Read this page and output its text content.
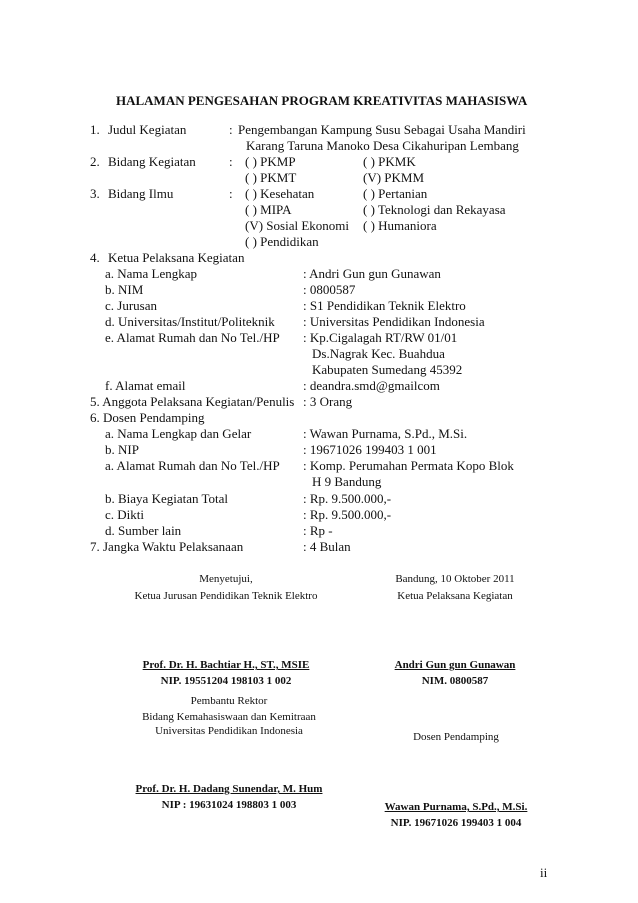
HALAMAN PENGESAHAN PROGRAM KREATIVITAS MAHASISWA
1. Judul Kegiatan	: Pengembangan Kampung Susu Sebagai Usaha Mandiri
Karang Taruna Manoko Desa Cikahuripan Lembang
2. Bidang Kegiatan	: ( ) PKMP	( ) PKMK
( ) PKMT	(V) PKMM
3. Bidang Ilmu	: ( ) Kesehatan	( ) Pertanian
( ) MIPA	( ) Teknologi dan Rekayasa
(V) Sosial Ekonomi ( ) Humaniora
( ) Pendidikan
4. Ketua Pelaksana Kegiatan
a. Nama Lengkap	: Andri Gun gun Gunawan
b. NIM	: 0800587
c. Jurusan	: S1 Pendidikan Teknik Elektro
d. Universitas/Institut/Politeknik : Universitas Pendidikan Indonesia
e. Alamat Rumah dan No Tel./HP : Kp.Cigalagah RT/RW 01/01
Ds.Nagrak Kec. Buahdua
Kabupaten Sumedang 45392
f. Alamat email	: deandra.smd@gmailcom
5. Anggota Pelaksana Kegiatan/Penulis : 3 Orang
6. Dosen Pendamping
a. Nama Lengkap dan Gelar	: Wawan Purnama, S.Pd., M.Si.
b. NIP	: 19671026 199403 1 001
a. Alamat Rumah dan No Tel./HP : Komp. Perumahan Permata Kopo Blok
H 9 Bandung
b. Biaya Kegiatan Total	: Rp. 9.500.000,-
c. Dikti	: Rp. 9.500.000,-
d. Sumber lain	: Rp -
7. Jangka Waktu Pelaksanaan	: 4 Bulan
Menyetujui,
Ketua Jurusan Pendidikan Teknik Elektro
Prof. Dr. H. Bachtiar H., ST., MSIE
NIP. 19551204 198103 1 002
Bandung, 10 Oktober 2011
Ketua Pelaksana Kegiatan
Andri Gun gun Gunawan
NIM. 0800587
Pembantu Rektor
Bidang Kemahasiswaan dan Kemitraan
Universitas Pendidikan Indonesia
Prof. Dr. H. Dadang Sunendar, M. Hum
NIP : 19631024 198803 1 003
Dosen Pendamping
Wawan Purnama, S.Pd., M.Si.
NIP. 19671026 199403 1 004
ii
